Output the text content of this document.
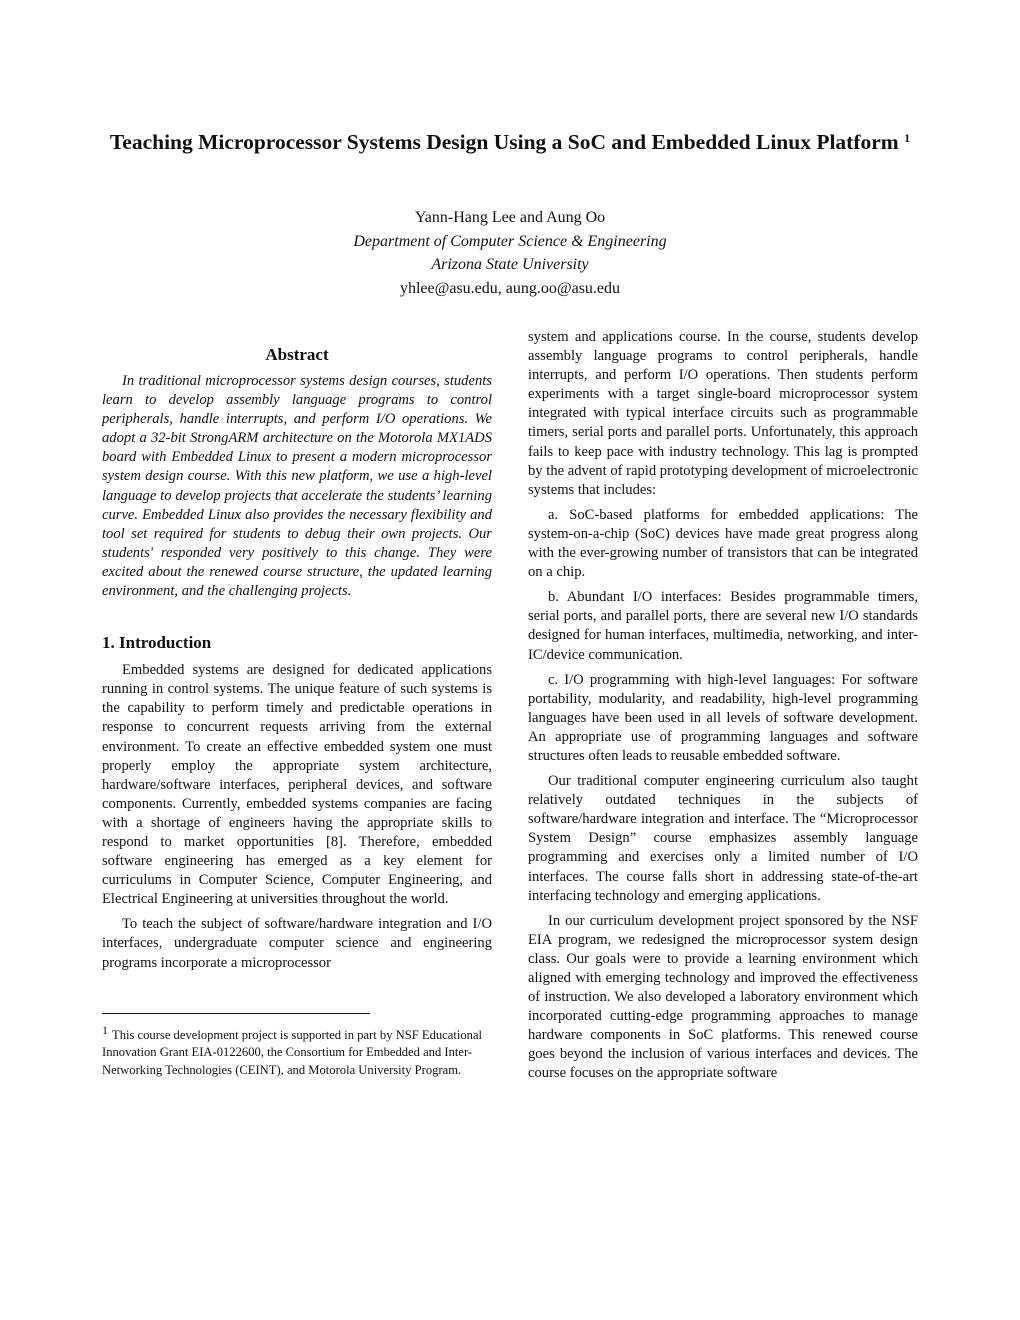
Teaching Microprocessor Systems Design Using a SoC and Embedded Linux Platform $^1$
Yann-Hang Lee and Aung Oo
Department of Computer Science & Engineering
Arizona State University
yhlee@asu.edu, aung.oo@asu.edu
Abstract

In traditional microprocessor systems design courses, students learn to develop assembly language programs to control peripherals, handle interrupts, and perform I/O operations. We adopt a 32-bit StrongARM architecture on the Motorola MX1ADS board with Embedded Linux to present a modern microprocessor system design course. With this new platform, we use a high-level language to develop projects that accelerate the students’ learning curve. Embedded Linux also provides the necessary flexibility and tool set required for students to debug their own projects. Our students' responded very positively to this change. They were excited about the renewed course structure, the updated learning environment, and the challenging projects.

1. Introduction

Embedded systems are designed for dedicated applications running in control systems. The unique feature of such systems is the capability to perform timely and predictable operations in response to concurrent requests arriving from the external environment. To create an effective embedded system one must properly employ the appropriate system architecture, hardware/software interfaces, peripheral devices, and software components. Currently, embedded systems companies are facing with a shortage of engineers having the appropriate skills to respond to market opportunities [8]. Therefore, embedded software engineering has emerged as a key element for curriculums in Computer Science, Computer Engineering, and Electrical Engineering at universities throughout the world.

To teach the subject of software/hardware integration and I/O interfaces, undergraduate computer science and engineering programs incorporate a microprocessor

$^1$ This course development project is supported in part by NSF Educational Innovation Grant EIA-0122600, the Consortium for Embedded and Inter-Networking Technologies (CEINT), and Motorola University Program.

system and applications course. In the course, students develop assembly language programs to control peripherals, handle interrupts, and perform I/O operations. Then students perform experiments with a target single-board microprocessor system integrated with typical interface circuits such as programmable timers, serial ports and parallel ports. Unfortunately, this approach fails to keep pace with industry technology. This lag is prompted by the advent of rapid prototyping development of microelectronic systems that includes:

a. SoC-based platforms for embedded applications: The system-on-a-chip (SoC) devices have made great progress along with the ever-growing number of transistors that can be integrated on a chip.

b. Abundant I/O interfaces: Besides programmable timers, serial ports, and parallel ports, there are several new I/O standards designed for human interfaces, multimedia, networking, and inter-IC/device communication.

c. I/O programming with high-level languages: For software portability, modularity, and readability, high-level programming languages have been used in all levels of software development. An appropriate use of programming languages and software structures often leads to reusable embedded software.

Our traditional computer engineering curriculum also taught relatively outdated techniques in the subjects of software/hardware integration and interface. The “Microprocessor System Design” course emphasizes assembly language programming and exercises only a limited number of I/O interfaces. The course falls short in addressing state-of-the-art interfacing technology and emerging applications.

In our curriculum development project sponsored by the NSF EIA program, we redesigned the microprocessor system design class. Our goals were to provide a learning environment which aligned with emerging technology and improved the effectiveness of instruction. We also developed a laboratory environment which incorporated cutting-edge programming approaches to manage hardware components in SoC platforms. This renewed course goes beyond the inclusion of various interfaces and devices. The course focuses on the appropriate software
